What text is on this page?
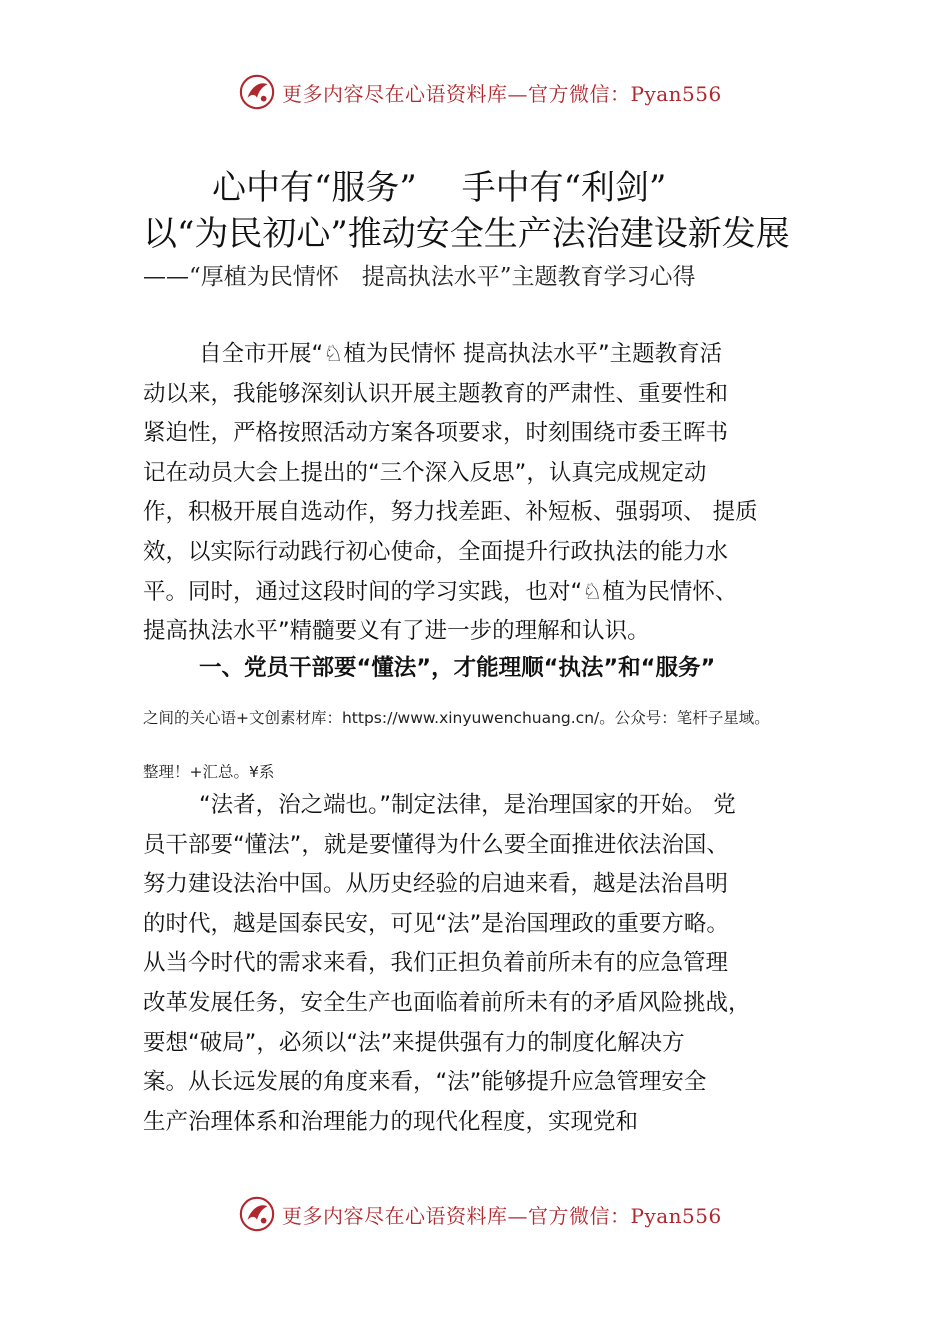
更多内容尽在心语资料库—官方微信：Pyan556
心中有“服务”　 手中有“利剑”
以“为民初心”推动安全生产法治建设新发展
——“厚植为民情怀　提高执法水平”主题教育学习心得
自全市开展“♘植为民情怀 提高执法水平”主题教育活
动以来，我能够深刻认识开展主题教育的严肃性、重要性和
紧迫性，严格按照活动方案各项要求，时刻围绕市委王晖书
记在动员大会上提出的“三个深入反思”，认真完成规定动
作，积极开展自选动作，努力找差距、补短板、强弱项、 提质
效，以实际行动践行初心使命，全面提升行政执法的能力水
平。同时，通过这段时间的学习实践，也对“♘植为民情怀、
提高执法水平”精髓要义有了进一步的理解和认识。
一、党员干部要“懂法”，才能理顺“执法”和“服务”
之间的关心语+文创素材库：https://www.xinyuwenchuang.cn/。公众号：笔杆子星域。
整理！+汇总。¥系
“法者，治之端也。”制定法律，是治理国家的开始。 党
员干部要“懂法”，就是要懂得为什么要全面推进依法治国、
努力建设法治中国。从历史经验的启迪来看，越是法治昌明
的时代，越是国泰民安，可见“法”是治国理政的重要方略。
从当今时代的需求来看，我们正担负着前所未有的应急管理
改革发展任务，安全生产也面临着前所未有的矛盾风险挑战，
要想“破局”，必须以“法”来提供强有力的制度化解决方
案。从长远发展的角度来看，“法”能够提升应急管理安全
生产治理体系和治理能力的现代化程度，实现党和
更多内容尽在心语资料库—官方微信：Pyan556
